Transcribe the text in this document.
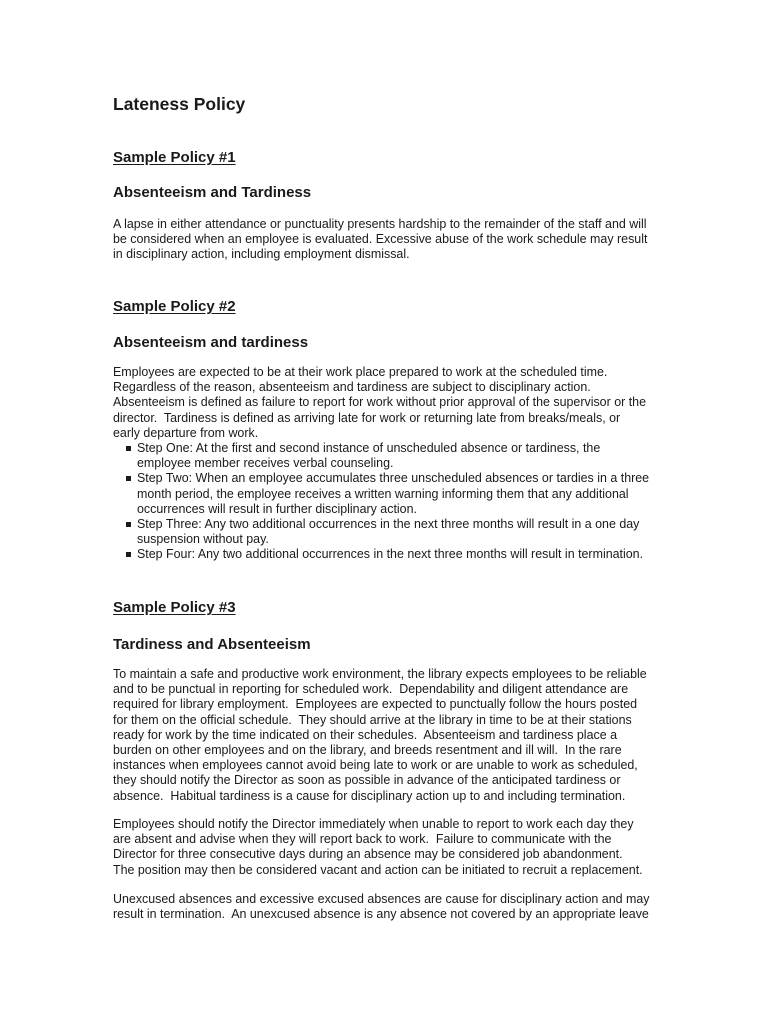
Lateness Policy
Sample Policy #1
Absenteeism and Tardiness
A lapse in either attendance or punctuality presents hardship to the remainder of the staff and will
be considered when an employee is evaluated. Excessive abuse of the work schedule may result
in disciplinary action, including employment dismissal.
Sample Policy #2
Absenteeism and tardiness
Employees are expected to be at their work place prepared to work at the scheduled time.
Regardless of the reason, absenteeism and tardiness are subject to disciplinary action.
Absenteeism is defined as failure to report for work without prior approval of the supervisor or the
director.  Tardiness is defined as arriving late for work or returning late from breaks/meals, or
early departure from work.
Step One: At the first and second instance of unscheduled absence or tardiness, the
employee member receives verbal counseling.
Step Two: When an employee accumulates three unscheduled absences or tardies in a three
month period, the employee receives a written warning informing them that any additional
occurrences will result in further disciplinary action.
Step Three: Any two additional occurrences in the next three months will result in a one day
suspension without pay.
Step Four: Any two additional occurrences in the next three months will result in termination.
Sample Policy #3
Tardiness and Absenteeism
To maintain a safe and productive work environment, the library expects employees to be reliable
and to be punctual in reporting for scheduled work.  Dependability and diligent attendance are
required for library employment.  Employees are expected to punctually follow the hours posted
for them on the official schedule.  They should arrive at the library in time to be at their stations
ready for work by the time indicated on their schedules.  Absenteeism and tardiness place a
burden on other employees and on the library, and breeds resentment and ill will.  In the rare
instances when employees cannot avoid being late to work or are unable to work as scheduled,
they should notify the Director as soon as possible in advance of the anticipated tardiness or
absence.  Habitual tardiness is a cause for disciplinary action up to and including termination.
Employees should notify the Director immediately when unable to report to work each day they
are absent and advise when they will report back to work.  Failure to communicate with the
Director for three consecutive days during an absence may be considered job abandonment.
The position may then be considered vacant and action can be initiated to recruit a replacement.
Unexcused absences and excessive excused absences are cause for disciplinary action and may
result in termination.  An unexcused absence is any absence not covered by an appropriate leave
